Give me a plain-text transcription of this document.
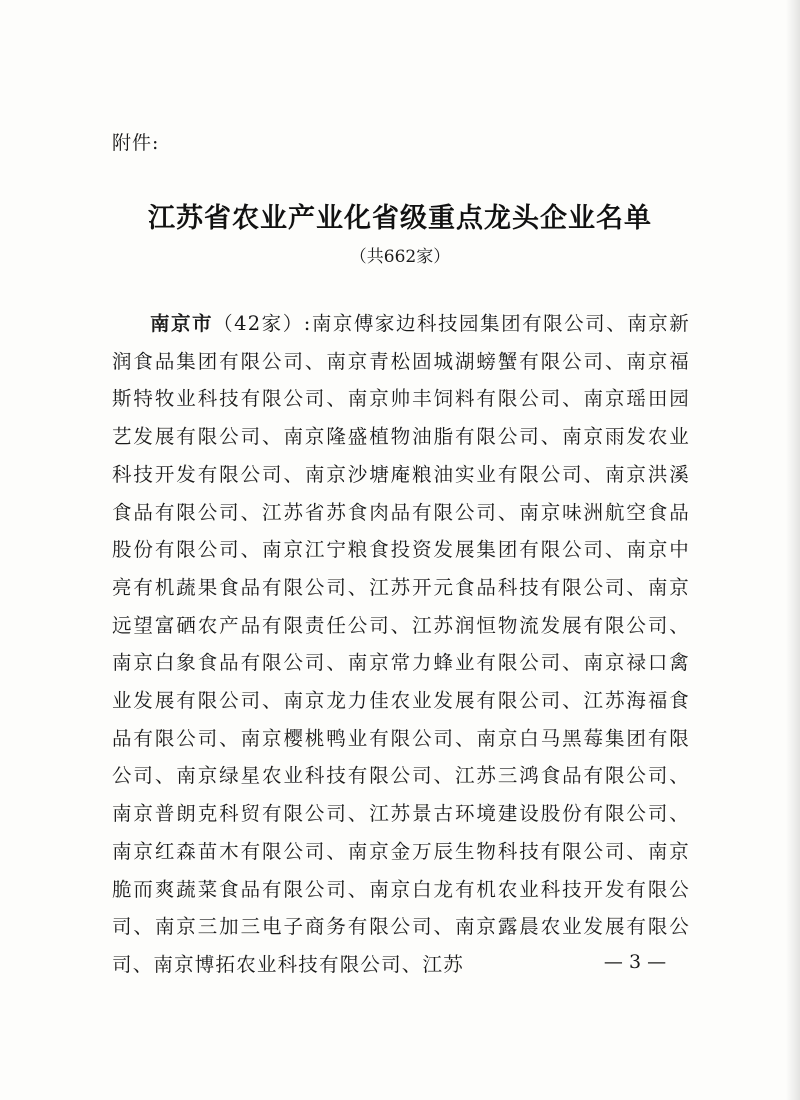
附件:
江苏省农业产业化省级重点龙头企业名单
（共662家）
南京市（42家）:南京傅家边科技园集团有限公司、南京新润食品集团有限公司、南京青松固城湖螃蟹有限公司、南京福斯特牧业科技有限公司、南京帅丰饲料有限公司、南京瑶田园艺发展有限公司、南京隆盛植物油脂有限公司、南京雨发农业科技开发有限公司、南京沙塘庵粮油实业有限公司、南京洪溪食品有限公司、江苏省苏食肉品有限公司、南京味洲航空食品股份有限公司、南京江宁粮食投资发展集团有限公司、南京中亮有机蔬果食品有限公司、江苏开元食品科技有限公司、南京远望富硒农产品有限责任公司、江苏润恒物流发展有限公司、南京白象食品有限公司、南京常力蜂业有限公司、南京禄口禽业发展有限公司、南京龙力佳农业发展有限公司、江苏海福食品有限公司、南京樱桃鸭业有限公司、南京白马黑莓集团有限公司、南京绿星农业科技有限公司、江苏三鸿食品有限公司、南京普朗克科贸有限公司、江苏景古环境建设股份有限公司、南京红森苗木有限公司、南京金万辰生物科技有限公司、南京脆而爽蔬菜食品有限公司、南京白龙有机农业科技开发有限公司、南京三加三电子商务有限公司、南京露晨农业发展有限公司、南京博拓农业科技有限公司、江苏	— 3 —
